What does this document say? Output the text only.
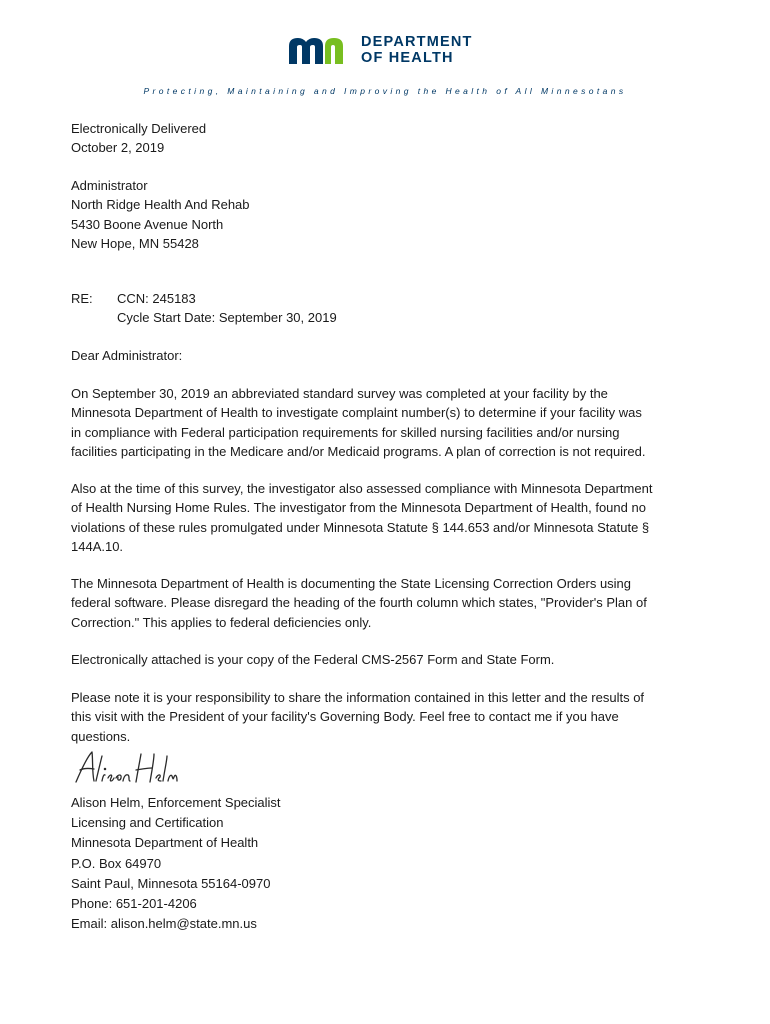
DEPARTMENT
OF HEALTH
Protecting, Maintaining and Improving the Health of All Minnesotans
Electronically Delivered
October 2, 2019
Administrator
North Ridge Health And Rehab
5430 Boone Avenue North
New Hope, MN 55428
RE: CCN: 245183
Cycle Start Date: September 30, 2019
Dear Administrator:
On September 30, 2019 an abbreviated standard survey was completed at your facility by the
Minnesota Department of Health to investigate complaint number(s) to determine if your facility was
in compliance with Federal participation requirements for skilled nursing facilities and/or nursing
facilities participating in the Medicare and/or Medicaid programs. A plan of correction is not required.
Also at the time of this survey, the investigator also assessed compliance with Minnesota Department
of Health Nursing Home Rules. The investigator from the Minnesota Department of Health, found no
violations of these rules promulgated under Minnesota Statute § 144.653 and/or Minnesota Statute §
144A.10.
The Minnesota Department of Health is documenting the State Licensing Correction Orders using
federal software. Please disregard the heading of the fourth column which states, "Provider's Plan of
Correction." This applies to federal deficiencies only.
Electronically attached is your copy of the Federal CMS-2567 Form and State Form.
Please note it is your responsibility to share the information contained in this letter and the results of
this visit with the President of your facility's Governing Body. Feel free to contact me if you have
questions.
Alison Helm, Enforcement Specialist
Licensing and Certification
Minnesota Department of Health
P.O. Box 64970
Saint Paul, Minnesota 55164-0970
Phone: 651-201-4206
Email: alison.helm@state.mn.us
